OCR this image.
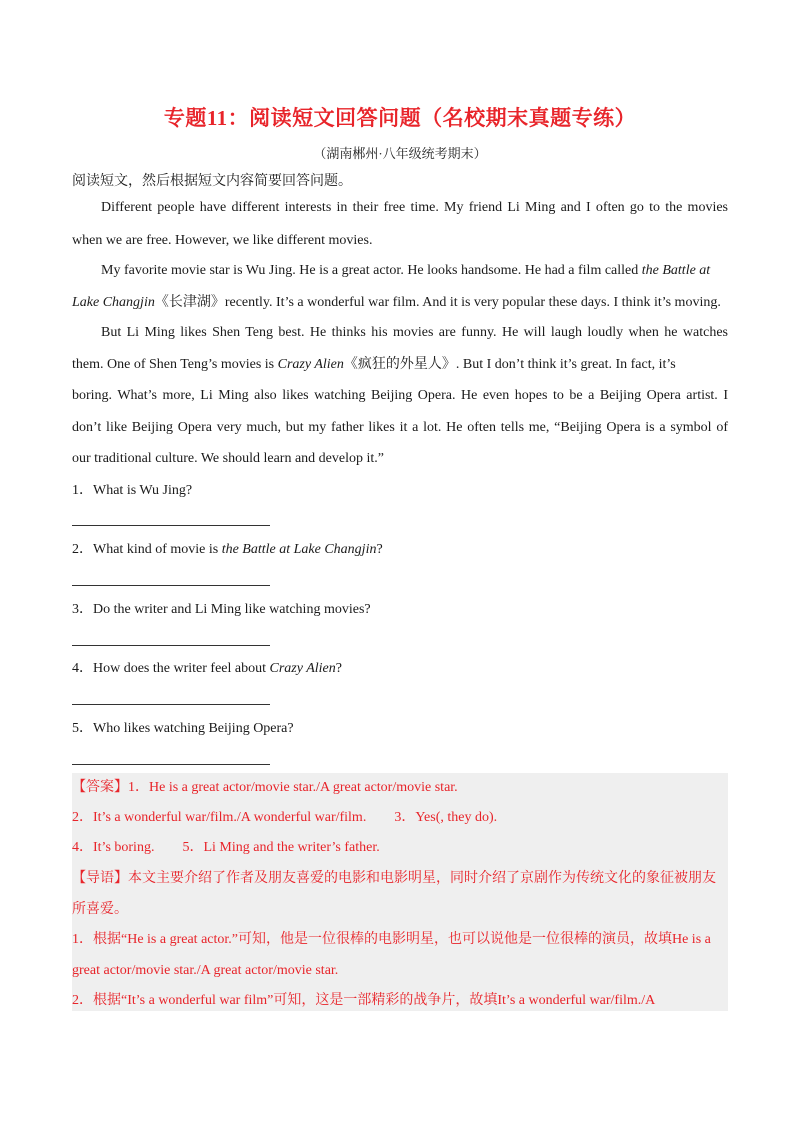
专题11：阅读短文回答问题（名校期末真题专练）
（湖南郴州·八年级统考期末）
阅读短文，然后根据短文内容简要回答问题。
Different people have different interests in their free time. My friend Li Ming and I often go to the movies
when we are free. However, we like different movies.
My favorite movie star is Wu Jing. He is a great actor. He looks handsome. He had a film called the Battle at
Lake Changjin《长津湖》recently. It’s a wonderful war film. And it is very popular these days. I think it’s moving.
But Li Ming likes Shen Teng best. He thinks his movies are funny. He will laugh loudly when he watches
them. One of Shen Teng’s movies is Crazy Alien《疯狂的外星人》. But I don’t think it’s great. In fact, it’s
boring. What’s more, Li Ming also likes watching Beijing Opera. He even hopes to be a Beijing Opera artist. I
don’t like Beijing Opera very much, but my father likes it a lot. He often tells me, “Beijing Opera is a symbol of
our traditional culture. We should learn and develop it.”
1．What is Wu Jing?
2．What kind of movie is the Battle at Lake Changjin?
3．Do the writer and Li Ming like watching movies?
4．How does the writer feel about Crazy Alien?
5．Who likes watching Beijing Opera?
【答案】1．He is a great actor/movie star./A great actor/movie star.
2．It’s a wonderful war/film./A wonderful war/film. 3．Yes(, they do).
4．It’s boring. 5．Li Ming and the writer’s father.
【导语】本文主要介绍了作者及朋友喜爱的电影和电影明星，同时介绍了京剧作为传统文化的象征被朋友
所喜爱。
1．根据“He is a great actor.”可知，他是一位很棒的电影明星，也可以说他是一位很棒的演员，故填He is a
great actor/movie star./A great actor/movie star.
2．根据“It’s a wonderful war film”可知，这是一部精彩的战争片，故填It’s a wonderful war/film./A
